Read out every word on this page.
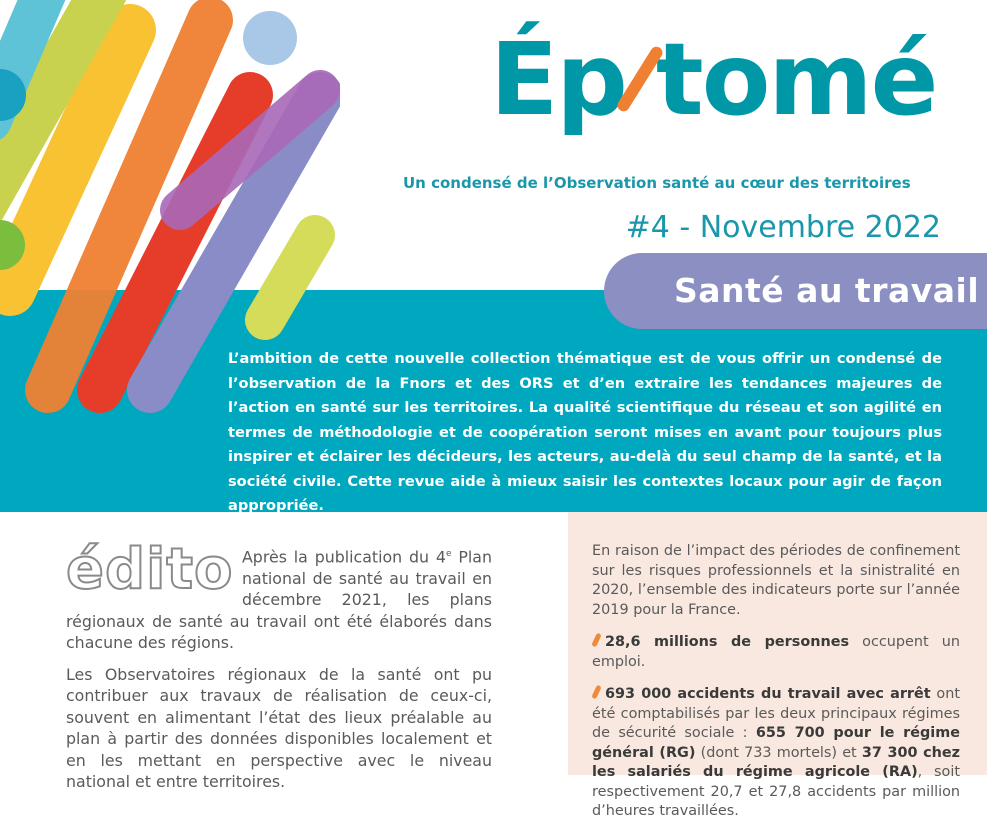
Ép tomé
Un condensé de l’Observation santé au cœur des territoires
#4 - Novembre 2022
Santé au travail
L’ambition de cette nouvelle collection thématique est de vous offrir un condensé de l’observation de la Fnors et des ORS et d’en extraire les tendances majeures de l’action en santé sur les territoires. La qualité scientifique du réseau et son agilité en termes de méthodologie et de coopération seront mises en avant pour toujours plus inspirer et éclairer les décideurs, les acteurs, au-delà du seul champ de la santé, et la société civile. Cette revue aide à mieux saisir les contextes locaux pour agir de façon appropriée.
édito Après la publication du 4e Plan national de santé au travail en décembre 2021, les plans régionaux de santé au travail ont été élaborés dans chacune des régions.

Les Observatoires régionaux de la santé ont pu contribuer aux travaux de réalisation de ceux-ci, souvent en alimentant l’état des lieux préalable au plan à partir des données disponibles localement et en les mettant en perspective avec le niveau national et entre territoires.

En raison de l’impact des périodes de confinement sur les risques professionnels et la sinistralité en 2020, l’ensemble des indicateurs porte sur l’année 2019 pour la France.

28,6 millions de personnes occupent un emploi.

693 000 accidents du travail avec arrêt ont été comptabilisés par les deux principaux régimes de sécurité sociale : 655 700 pour le régime général (RG) (dont 733 mortels) et 37 300 chez les salariés du régime agricole (RA), soit respectivement 20,7 et 27,8 accidents par million d’heures travaillées.
